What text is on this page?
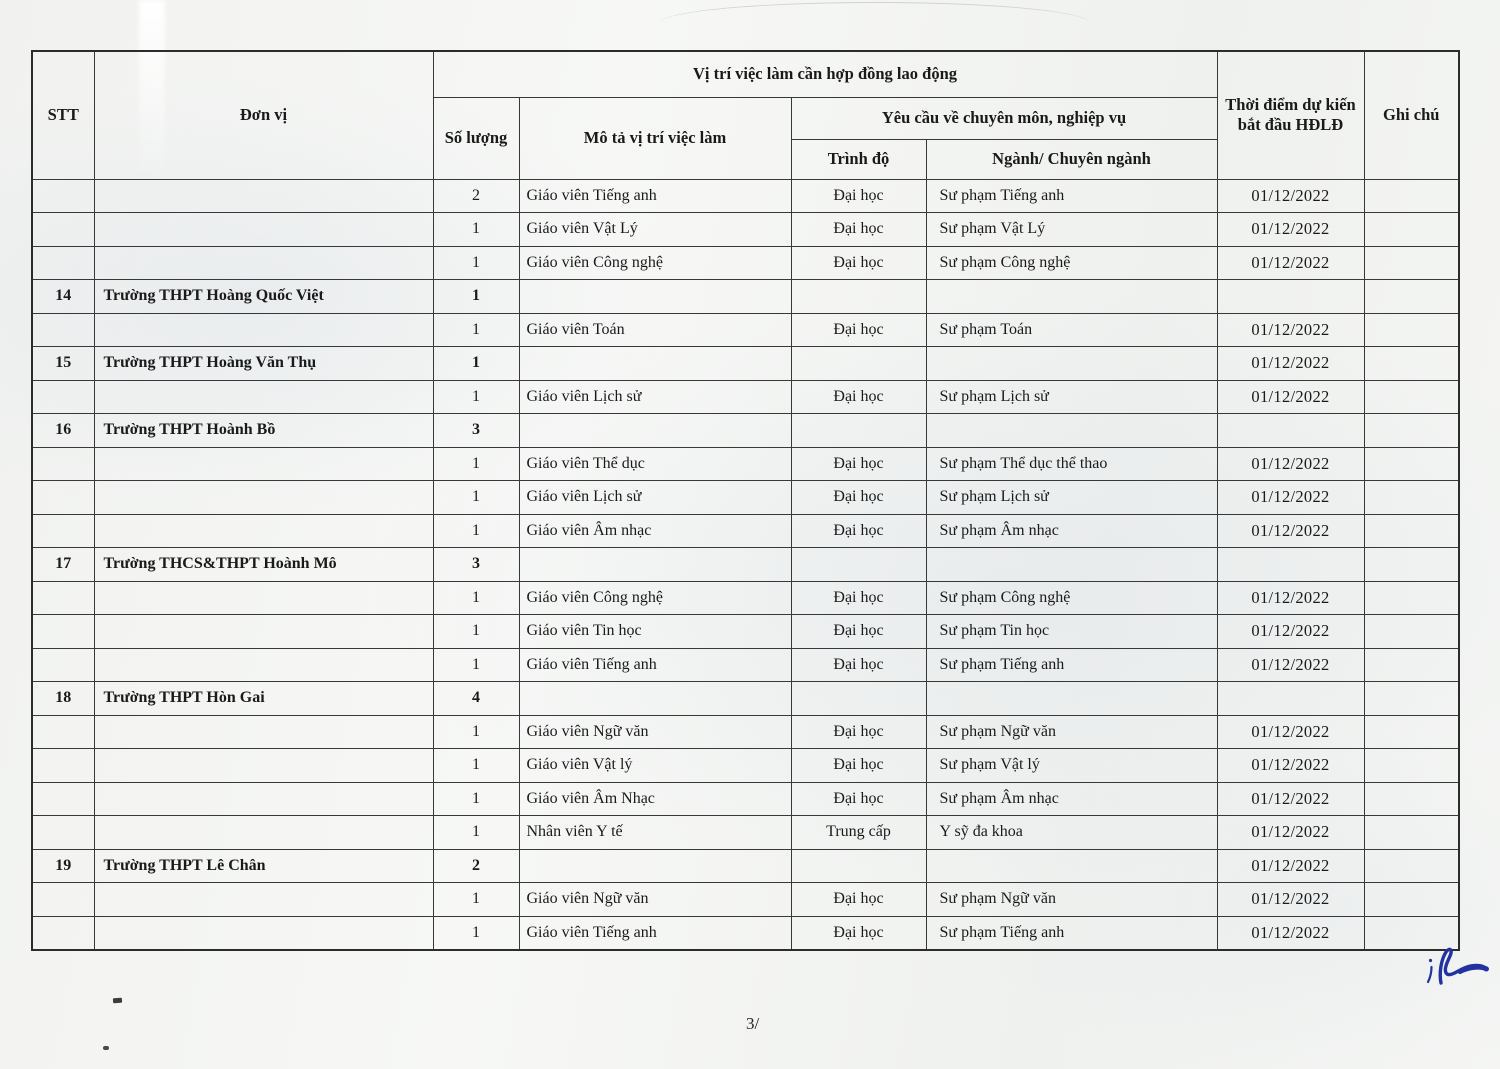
STT	Đơn vị	Vị trí việc làm cần hợp đồng lao động				Thời điểm dự kiến bắt đầu HĐLĐ	Ghi chú
		Số lượng	Mô tả vị trí việc làm	Yêu cầu về chuyên môn, nghiệp vụ			
				Trình độ	Ngành/ Chuyên ngành		
		2	Giáo viên Tiếng anh	Đại học	Sư phạm Tiếng anh	01/12/2022	
		1	Giáo viên Vật Lý	Đại học	Sư phạm Vật Lý	01/12/2022	
		1	Giáo viên Công nghệ	Đại học	Sư phạm Công nghệ	01/12/2022	
14	Trường THPT Hoàng Quốc Việt	1					
		1	Giáo viên Toán	Đại học	Sư phạm Toán	01/12/2022	
15	Trường THPT Hoàng Văn Thụ	1				01/12/2022	
		1	Giáo viên Lịch sử	Đại học	Sư phạm Lịch sử	01/12/2022	
16	Trường THPT Hoành Bồ	3					
		1	Giáo viên Thể dục	Đại học	Sư phạm Thể dục thể thao	01/12/2022	
		1	Giáo viên Lịch sử	Đại học	Sư phạm Lịch sử	01/12/2022	
		1	Giáo viên Âm nhạc	Đại học	Sư phạm Âm nhạc	01/12/2022	
17	Trường THCS&THPT Hoành Mô	3					
		1	Giáo viên Công nghệ	Đại học	Sư phạm Công nghệ	01/12/2022	
		1	Giáo viên Tin học	Đại học	Sư phạm Tin học	01/12/2022	
		1	Giáo viên Tiếng anh	Đại học	Sư phạm Tiếng anh	01/12/2022	
18	Trường THPT Hòn Gai	4					
		1	Giáo viên Ngữ văn	Đại học	Sư phạm Ngữ văn	01/12/2022	
		1	Giáo viên Vật lý	Đại học	Sư phạm Vật lý	01/12/2022	
		1	Giáo viên Âm Nhạc	Đại học	Sư phạm Âm nhạc	01/12/2022	
		1	Nhân viên Y tế	Trung cấp	Y sỹ đa khoa	01/12/2022	
19	Trường THPT Lê Chân	2				01/12/2022	
		1	Giáo viên Ngữ văn	Đại học	Sư phạm Ngữ văn	01/12/2022	
		1	Giáo viên Tiếng anh	Đại học	Sư phạm Tiếng anh	01/12/2022	
3/
